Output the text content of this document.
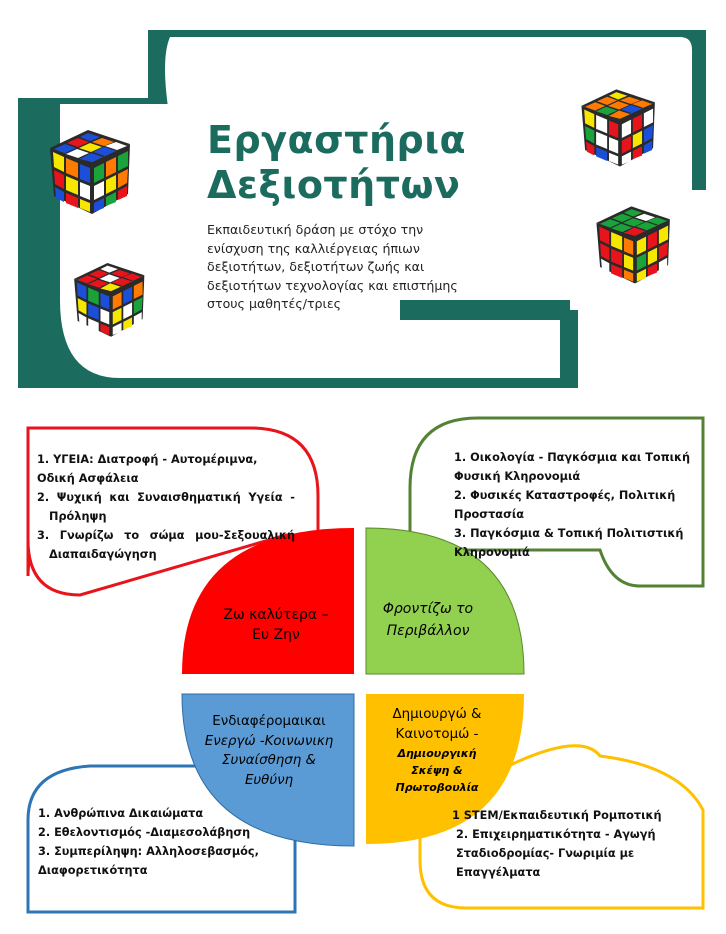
Εργαστήρια
Δεξιοτήτων
Εκπαιδευτική δράση με στόχο την ενίσχυση της καλλιέργειας ήπιων δεξιοτήτων, δεξιοτήτων ζωής και δεξιοτήτων τεχνολογίας και επιστήμης στους μαθητές/τριες
Ζω καλύτερα –
Ευ Ζην
Φροντίζω το
Περιβάλλον
Ενδιαφέρομαικαι
Ενεργώ -Κοινωνικη
Συναίσθηση &
Ευθύνη
Δημιουργώ &
Καινοτομώ -
Δημιουργική
Σκέψη &
Πρωτοβουλία

1. ΥΓΕΙΑ: Διατροφή - Αυτομέριμνα,

Οδική Ασφάλεια

2. Ψυχική και Συναισθηματική Υγεία -

Πρόληψη

3. Γνωρίζω το σώμα μου-Σεξουαλική

Διαπαιδαγώγηση

1. Οικολογία - Παγκόσμια και Τοπική

Φυσική Κληρονομιά

2. Φυσικές Καταστροφές, Πολιτική

Προστασία

3. Παγκόσμια & Τοπική Πολιτιστική

Κληρονομιά

1. Ανθρώπινα Δικαιώματα

2. Εθελοντισμός -Διαμεσολάβηση

3. Συμπερίληψη: Αλληλοσεβασμός,

Διαφορετικότητα

1 STEM/Εκπαιδευτική Ρομποτική

2. Επιχειρηματικότητα - Αγωγή

Σταδιοδρομίας- Γνωριμία με

Επαγγέλματα
